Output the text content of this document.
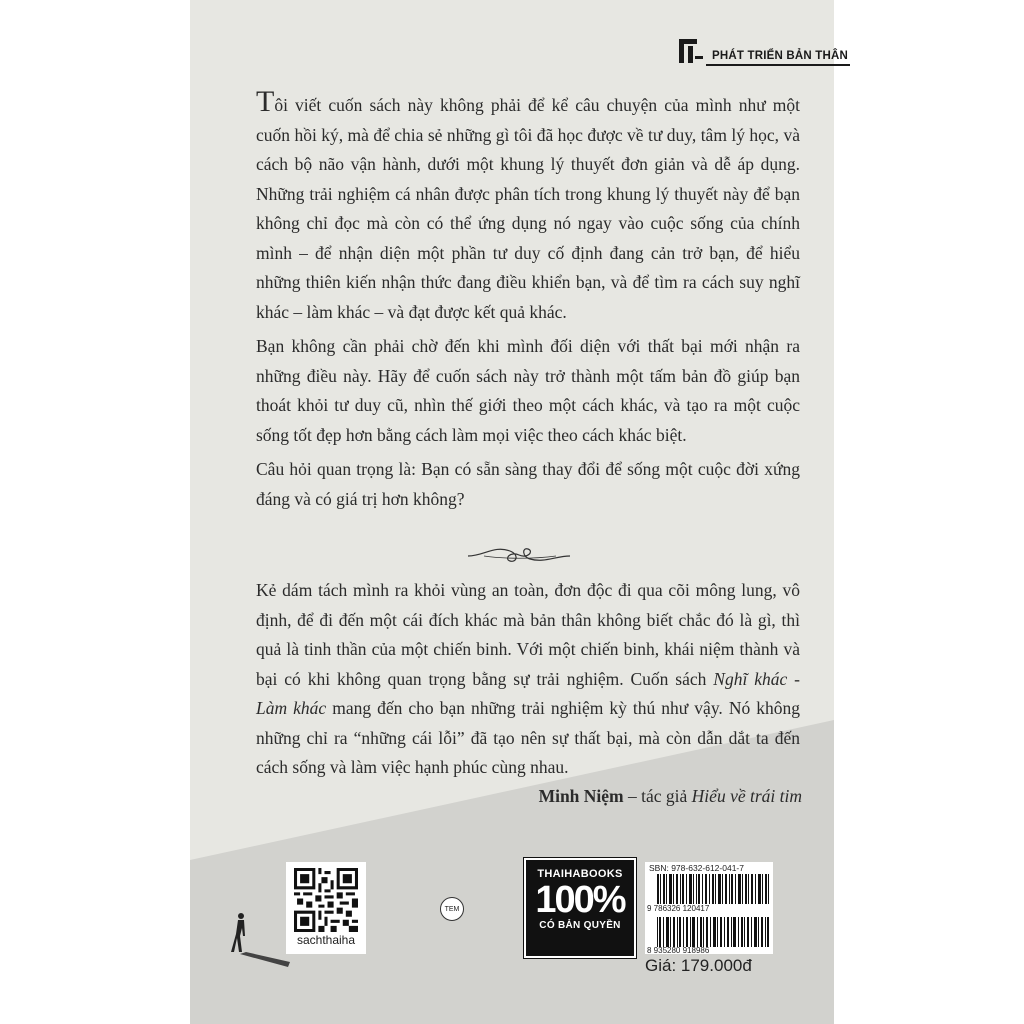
PHÁT TRIỂN BẢN THÂN

Tôi viết cuốn sách này không phải để kể câu chuyện của mình như một cuốn hồi ký, mà để chia sẻ những gì tôi đã học được về tư duy, tâm lý học, và cách bộ não vận hành, dưới một khung lý thuyết đơn giản và dễ áp dụng. Những trải nghiệm cá nhân được phân tích trong khung lý thuyết này để bạn không chỉ đọc mà còn có thể ứng dụng nó ngay vào cuộc sống của chính mình – để nhận diện một phần tư duy cố định đang cản trở bạn, để hiểu những thiên kiến nhận thức đang điều khiển bạn, và để tìm ra cách suy nghĩ khác – làm khác – và đạt được kết quả khác.

Bạn không cần phải chờ đến khi mình đối diện với thất bại mới nhận ra những điều này. Hãy để cuốn sách này trở thành một tấm bản đồ giúp bạn thoát khỏi tư duy cũ, nhìn thế giới theo một cách khác, và tạo ra một cuộc sống tốt đẹp hơn bằng cách làm mọi việc theo cách khác biệt.

Câu hỏi quan trọng là: Bạn có sẵn sàng thay đổi để sống một cuộc đời xứng đáng và có giá trị hơn không?

Kẻ dám tách mình ra khỏi vùng an toàn, đơn độc đi qua cõi mông lung, vô định, để đi đến một cái đích khác mà bản thân không biết chắc đó là gì, thì quả là tinh thần của một chiến binh. Với một chiến binh, khái niệm thành và bại có khi không quan trọng bằng sự trải nghiệm. Cuốn sách Nghĩ khác - Làm khác mang đến cho bạn những trải nghiệm kỳ thú như vậy. Nó không những chỉ ra “những cái lỗi” đã tạo nên sự thất bại, mà còn dẫn dắt ta đến cách sống và làm việc hạnh phúc cùng nhau.

Minh Niệm – tác giả Hiểu về trái tim
sachthaiha
TEM
THAIHABOOKS
100%
CÓ BẢN QUYỀN
SBN: 978-632-612-041-7
9 786326 120417
8 935280 918986
Giá: 179.000đ
